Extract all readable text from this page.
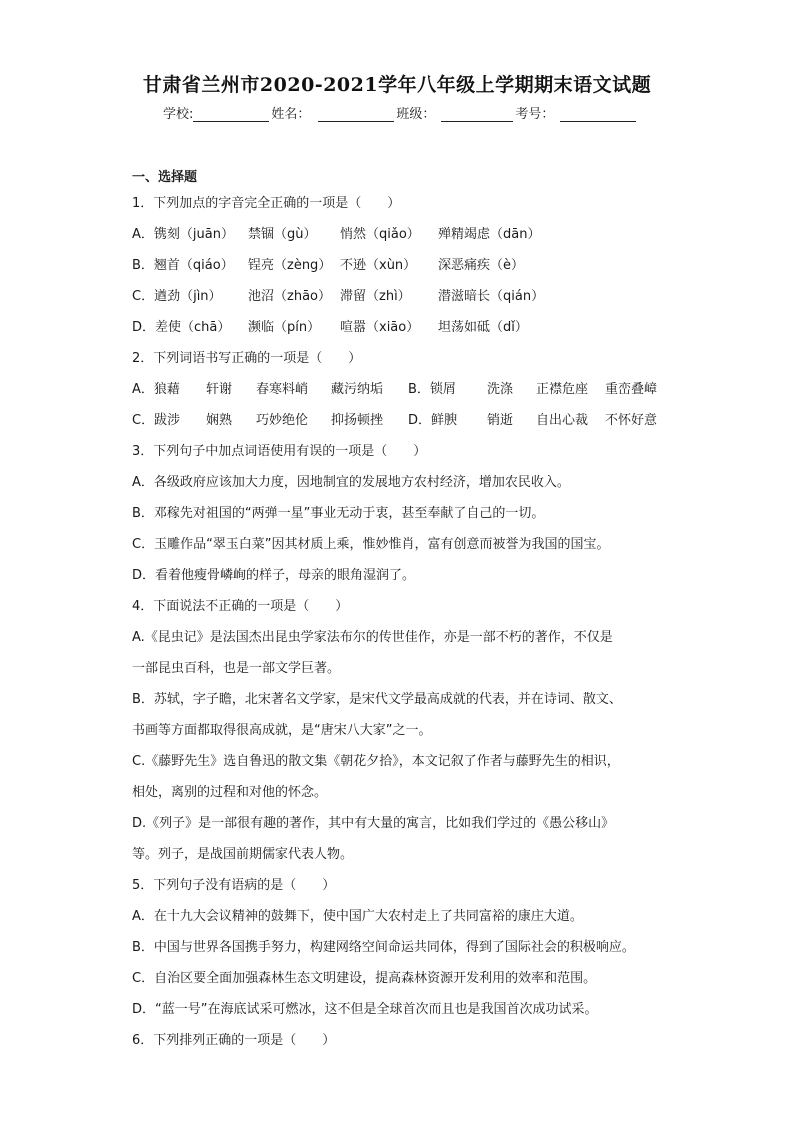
甘肃省兰州市2020-2021学年八年级上学期期末语文试题
学校:	姓名：	班级：	考号：
一、选择题
1．下列加点的字音完全正确的一项是（　　）
A．镌刻（juān） 禁锢（gù） 悄然（qiǎo） 殚精竭虑（dān）
B．翘首（qiáo） 锃亮（zèng） 不逊（xùn） 深恶痛疾（è）
C．遒劲（jìn） 池沼（zhāo） 滞留（zhì） 潜滋暗长（qián）
D．差使（chā） 濒临（pín） 喧嚣（xiāo） 坦荡如砥（dǐ）
2．下列词语书写正确的一项是（　　）
A．狼藉 轩谢 春寒料峭 藏污纳垢 B．锁屑 洗涤 正襟危座 重峦叠嶂
C．跋涉 娴熟 巧妙绝伦 抑扬顿挫 D．鲜腴 销逝 自出心裁 不怀好意
3．下列句子中加点词语使用有误的一项是（　　）
A．各级政府应该加大力度，因地制宜的发展地方农村经济，增加农民收入。
B．邓稼先对祖国的“两弹一星”事业无动于衷，甚至奉献了自己的一切。
C．玉雕作品“翠玉白菜”因其材质上乘，惟妙惟肖，富有创意而被誉为我国的国宝。
D．看着他瘦骨嶙峋的样子，母亲的眼角湿润了。
4．下面说法不正确的一项是（　　）
A.《昆虫记》是法国杰出昆虫学家法布尔的传世佳作，亦是一部不朽的著作，不仅是
一部昆虫百科，也是一部文学巨著。
B．苏轼，字子瞻，北宋著名文学家，是宋代文学最高成就的代表，并在诗词、散文、
书画等方面都取得很高成就，是“唐宋八大家”之一。
C.《藤野先生》选自鲁迅的散文集《朝花夕拾》，本文记叙了作者与藤野先生的相识，
相处，离别的过程和对他的怀念。
D.《列子》是一部很有趣的著作，其中有大量的寓言，比如我们学过的《愚公移山》
等。列子，是战国前期儒家代表人物。
5．下列句子没有语病的是（　　）
A．在十九大会议精神的鼓舞下，使中国广大农村走上了共同富裕的康庄大道。
B．中国与世界各国携手努力，构建网络空间命运共同体，得到了国际社会的积极响应。
C．自治区要全面加强森林生态文明建设，提高森林资源开发利用的效率和范围。
D．“蓝一号”在海底试采可燃冰，这不但是全球首次而且也是我国首次成功试采。
6．下列排列正确的一项是（　　）
